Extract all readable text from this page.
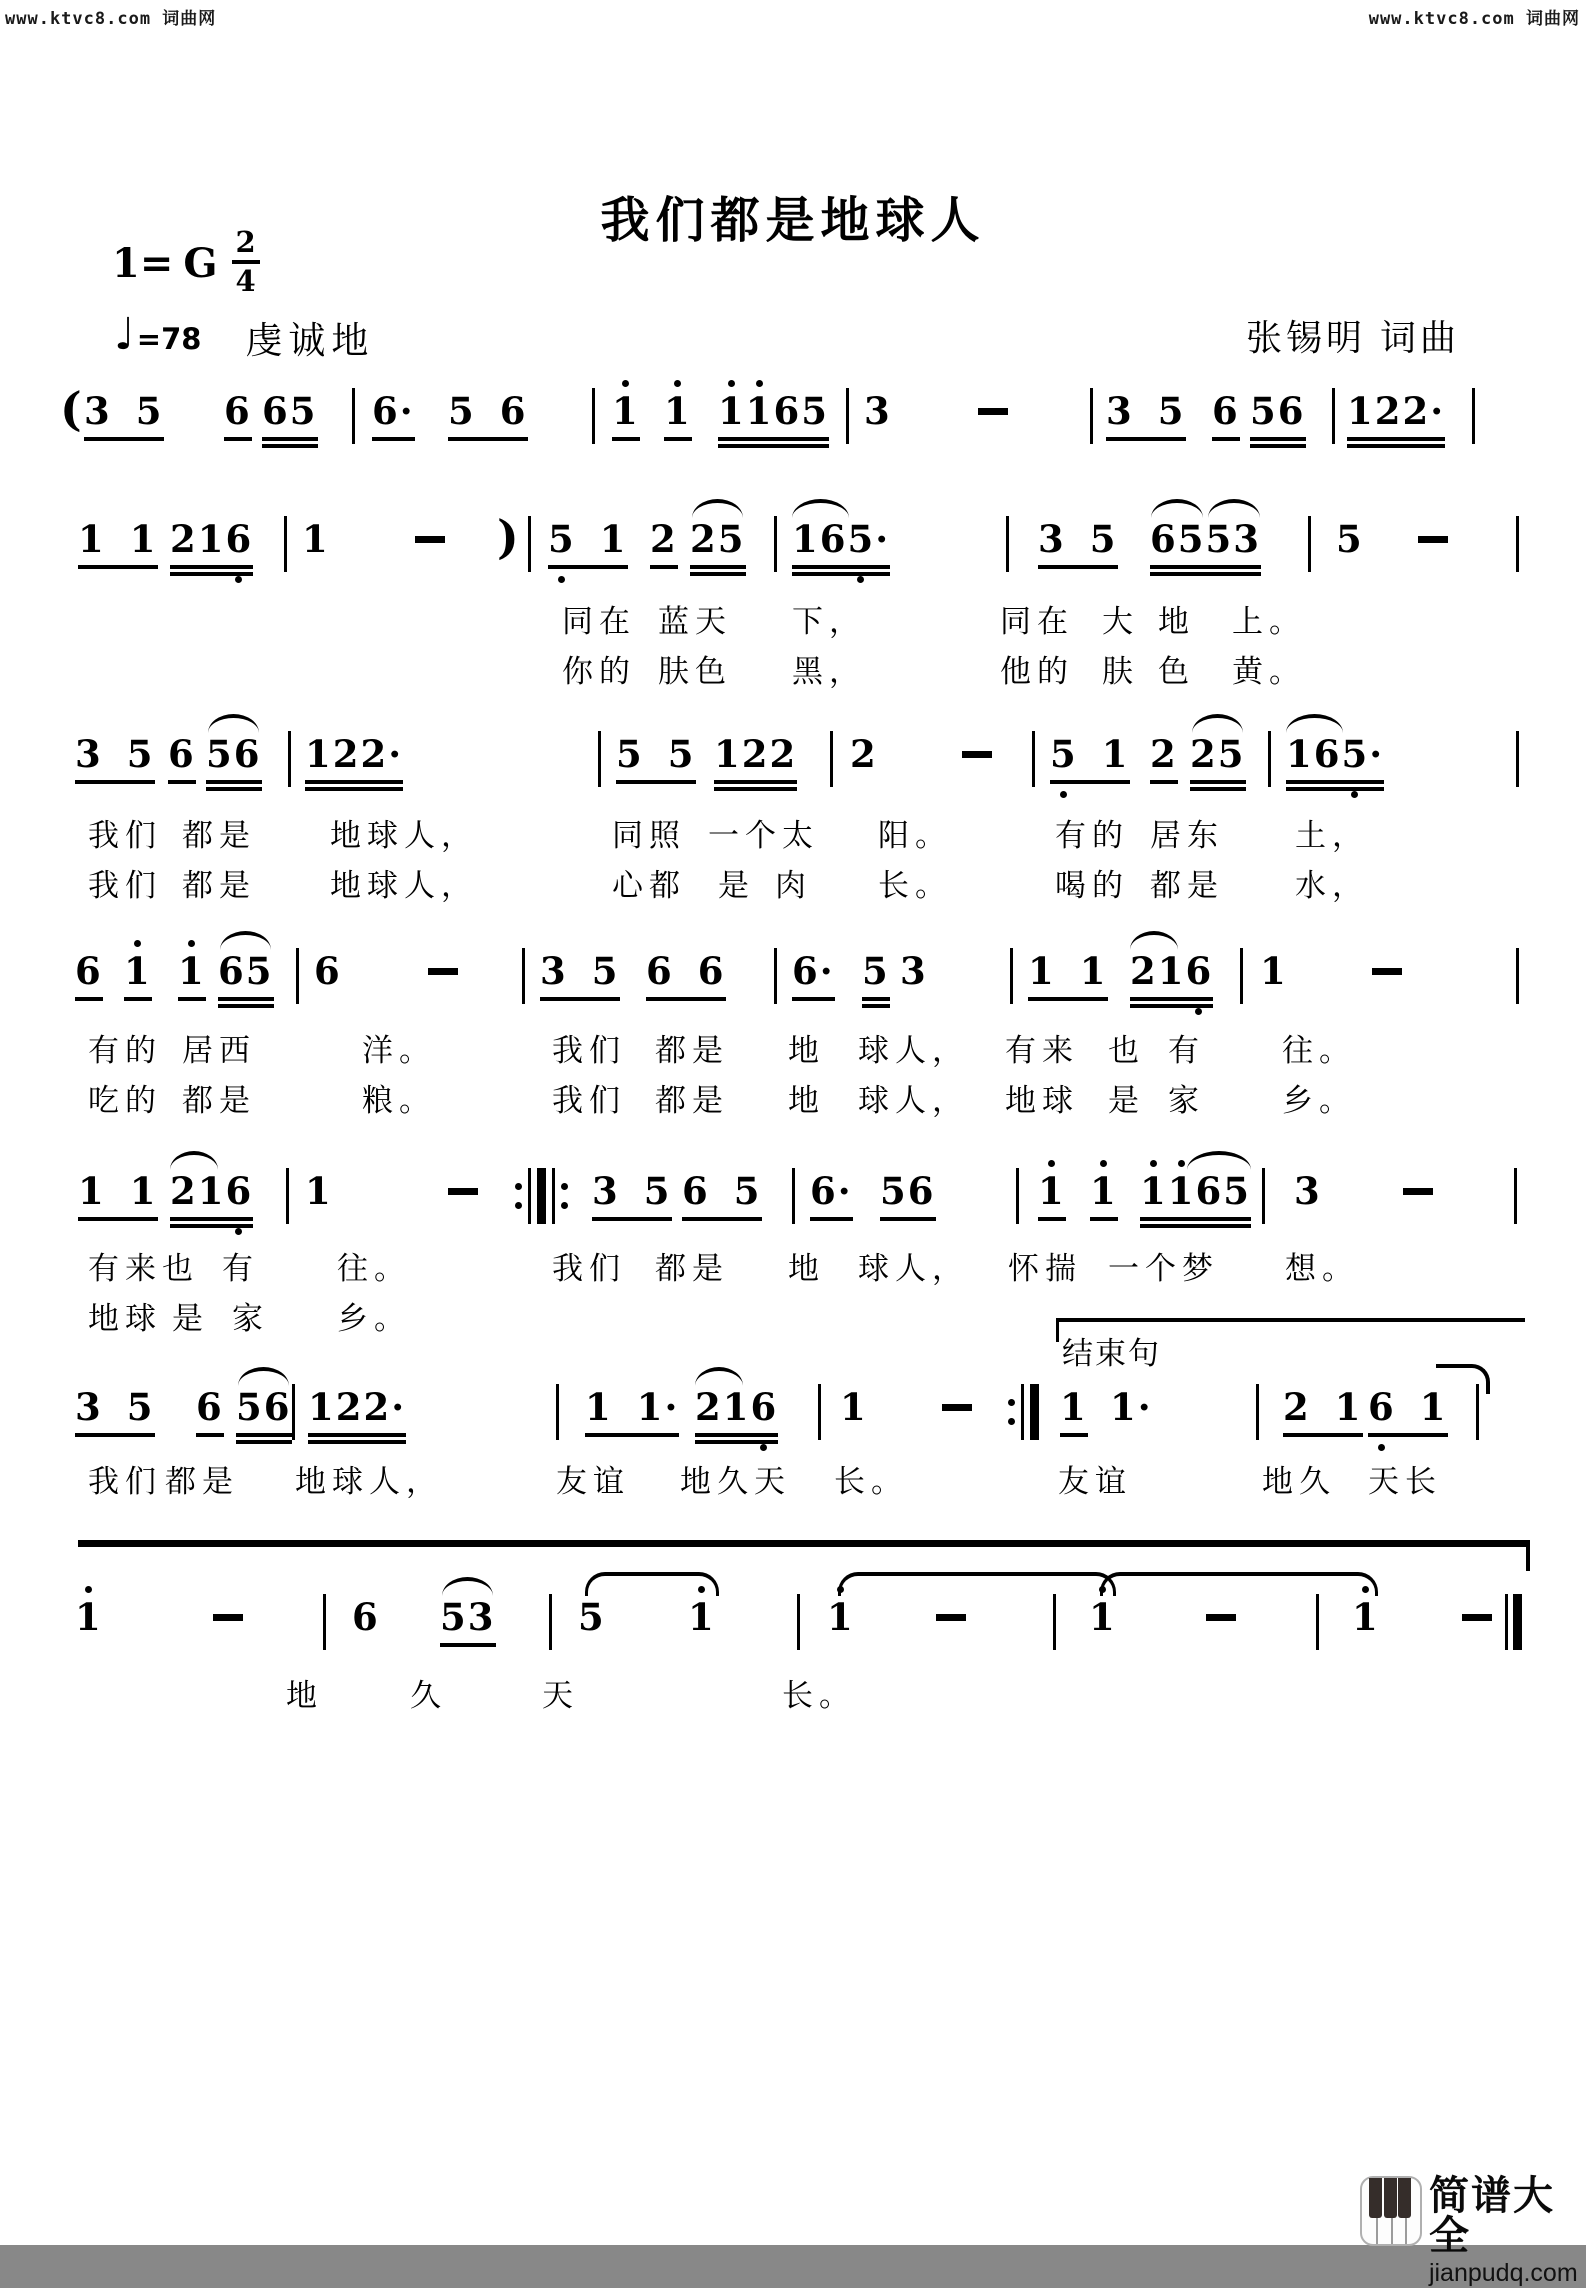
www.ktvc8.com 词曲网	www.ktvc8.com 词曲网
我们都是地球人
1= G $\frac{2}{4}$
♩ =78 虔诚地	张锡明 词曲
( 3 5 6 65 6· 5 6 1 1 1165 3	3 5 6 56 122·
1 1 216 1	) 5 1 2 25 165·	3 5 6553 5
同在 蓝天 下，	同在 大 地 上。
你的 肤色 黑，	他的 肤 色 黄。
3 5 6 56 122·	5 5 122 2	5 1 2 25 165·
我们 都是 地球人，	同照 一个太 阳。	有的 居东 土，
我们 都是 地球人，	心都 是 肉 长。	喝的 都是 水，
6 1 1 65 6	3 5 6 6 6· 5 3	1 1 216 1
有的 居西	洋。	我们 都是 地 球人， 有来 也 有 往。
吃的 都是	粮。	我们 都是 地 球人， 地球 是 家 乡。
1 1 216 1	3 5 6 5 6· 56	1 1 1165 3
有来 也 有	往。	我们 都是 地 球人， 怀揣 一个梦 想。
地球 是 家 乡。
3 5 6 56 122·	1 1· 216 1	1 1·	2 1 6 1
我们 都是 地球人，	友谊 地久天 长。	友谊	地久 天长
1	6 53 5 1	1	1	1
地	久	天	长。
结束句
简谱大全
jianpudq.com
